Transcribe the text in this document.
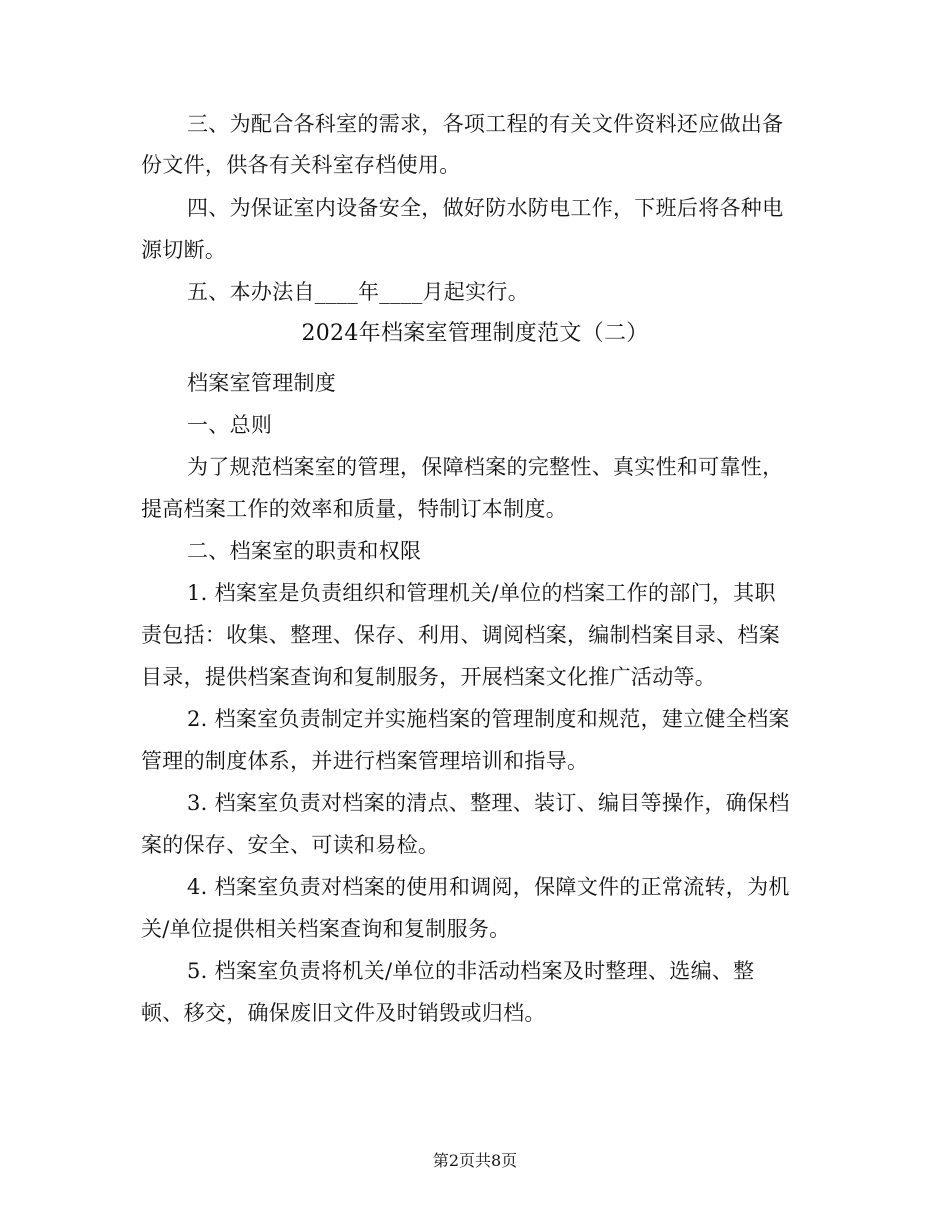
三、为配合各科室的需求，各项工程的有关文件资料还应做出备
份文件，供各有关科室存档使用。
四、为保证室内设备安全，做好防水防电工作，下班后将各种电
源切断。
五、本办法自____年____月起实行。
2024年档案室管理制度范文（二）
档案室管理制度
一、总则
为了规范档案室的管理，保障档案的完整性、真实性和可靠性，
提高档案工作的效率和质量，特制订本制度。
二、档案室的职责和权限
1. 档案室是负责组织和管理机关/单位的档案工作的部门，其职
责包括：收集、整理、保存、利用、调阅档案，编制档案目录、档案
目录，提供档案查询和复制服务，开展档案文化推广活动等。
2. 档案室负责制定并实施档案的管理制度和规范，建立健全档案
管理的制度体系，并进行档案管理培训和指导。
3. 档案室负责对档案的清点、整理、装订、编目等操作，确保档
案的保存、安全、可读和易检。
4. 档案室负责对档案的使用和调阅，保障文件的正常流转，为机
关/单位提供相关档案查询和复制服务。
5. 档案室负责将机关/单位的非活动档案及时整理、选编、整
顿、移交，确保废旧文件及时销毁或归档。
第2页共8页
